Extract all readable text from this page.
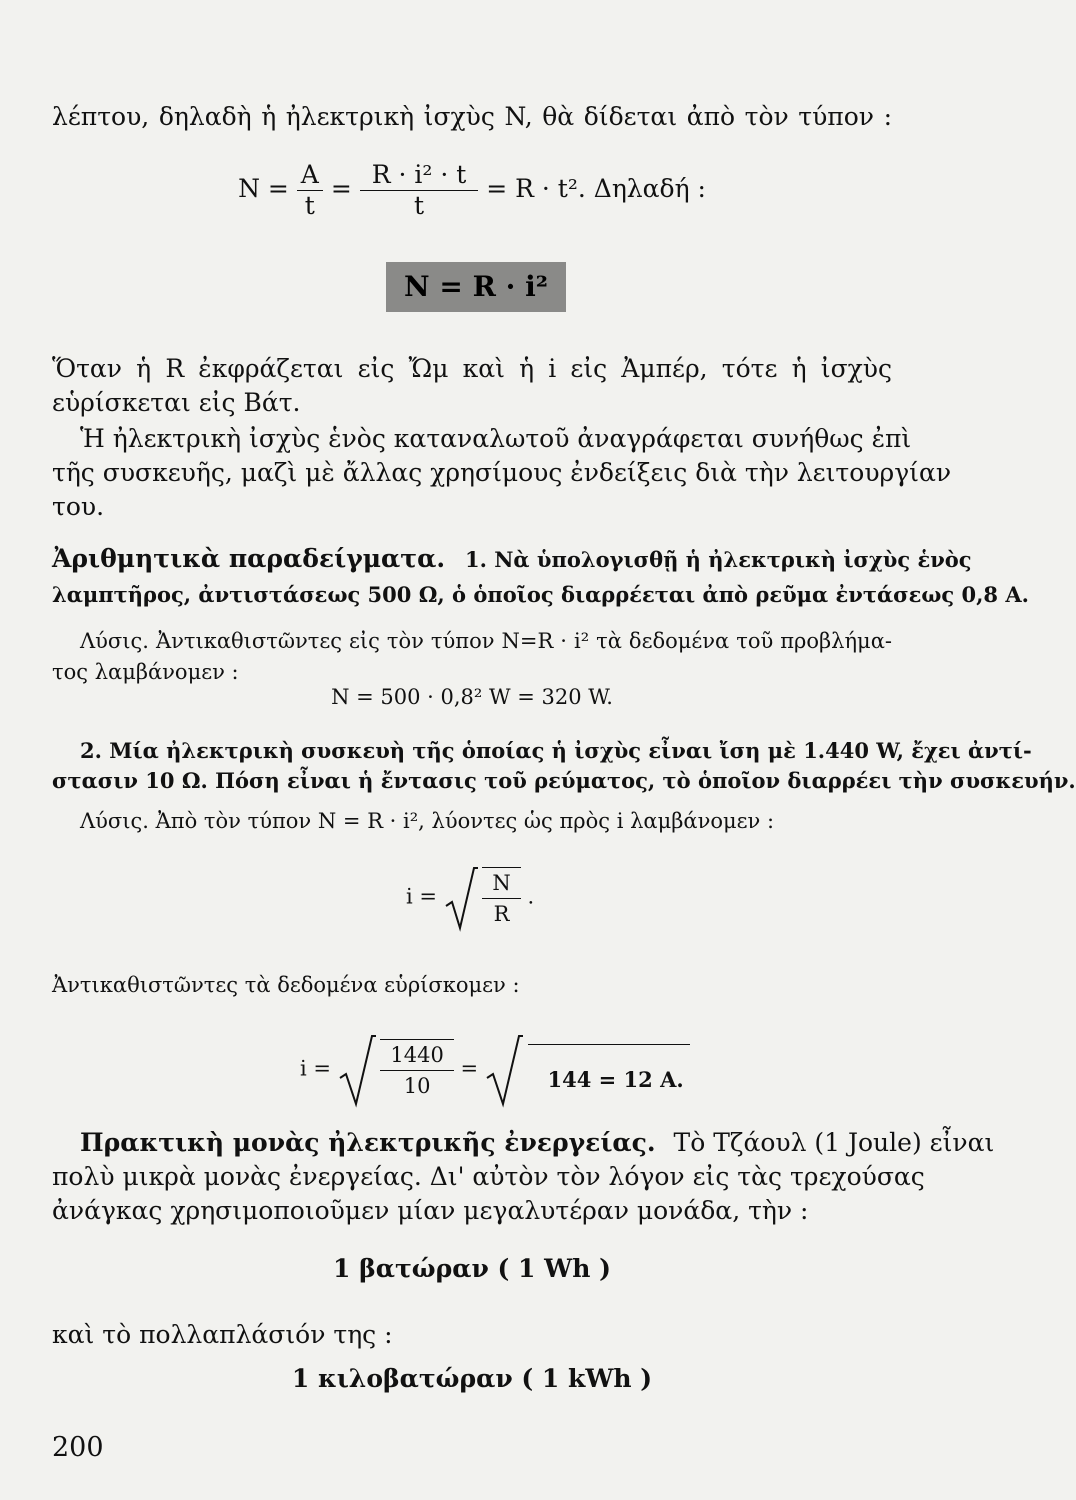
λέπτου, δηλαδὴ ἡ ἠλεκτρικὴ ἰσχὺς N, θὰ δίδεται ἀπὸ τὸν τύπον :
$N = \frac{A}{t} = \frac{\text{R · i² · t}}{t} = R \cdot t^2$. Δηλαδή :
N = R · i²
Ὅταν ἡ R ἐκφράζεται εἰς Ὤμ καὶ ἡ i εἰς Ἀμπέρ, τότε ἡ ἰσχὺς
εὑρίσκεται εἰς Βάτ.
Ἡ ἠλεκτρικὴ ἰσχὺς ἑνὸς καταναλωτοῦ ἀναγράφεται συνήθως ἐπὶ
τῆς συσκευῆς, μαζὶ μὲ ἄλλας χρησίμους ἐνδείξεις διὰ τὴν λειτουργίαν
του.
Ἀριθμητικὰ παραδείγματα. 1. Νὰ ὑπολογισθῇ ἡ ἠλεκτρικὴ ἰσχὺς ἑνὸς
λαμπτῆρος, ἀντιστάσεως 500 Ω, ὁ ὁποῖος διαρρέεται ἀπὸ ρεῦμα ἐντάσεως 0,8 A.
Λύσις. Ἀντικαθιστῶντες εἰς τὸν τύπον N=R · i² τὰ δεδομένα τοῦ προβλήμα-
τος λαμβάνομεν :
N = 500 · 0,8² W = 320 W.
2. Μία ἠλεκτρικὴ συσκευὴ τῆς ὁποίας ἡ ἰσχὺς εἶναι ἴση μὲ 1.440 W, ἔχει ἀντί-
στασιν 10 Ω. Πόση εἶναι ἡ ἔντασις τοῦ ρεύματος, τὸ ὁποῖον διαρρέει τὴν συσκευήν.
Λύσις. Ἀπὸ τὸν τύπον N = R · i², λύοντες ὡς πρὸς i λαμβάνομεν :
$i = \frac{N}{R}$ .
Ἀντικαθιστῶντες τὰ δεδομένα εὑρίσκομεν :
$i = \frac{1440}{10}$ =	144 = 12 A.
Πρακτικὴ μονὰς ἠλεκτρικῆς ἐνεργείας. Τὸ Τζάουλ (1 Joule) εἶναι
πολὺ μικρὰ μονὰς ἐνεργείας. Δι' αὐτὸν τὸν λόγον εἰς τὰς τρεχούσας
ἀνάγκας χρησιμοποιοῦμεν μίαν μεγαλυτέραν μονάδα, τὴν :
1 βατώραν ( 1 Wh )
καὶ τὸ πολλαπλάσιόν της :
1 κιλοβατώραν ( 1 kWh )
200
